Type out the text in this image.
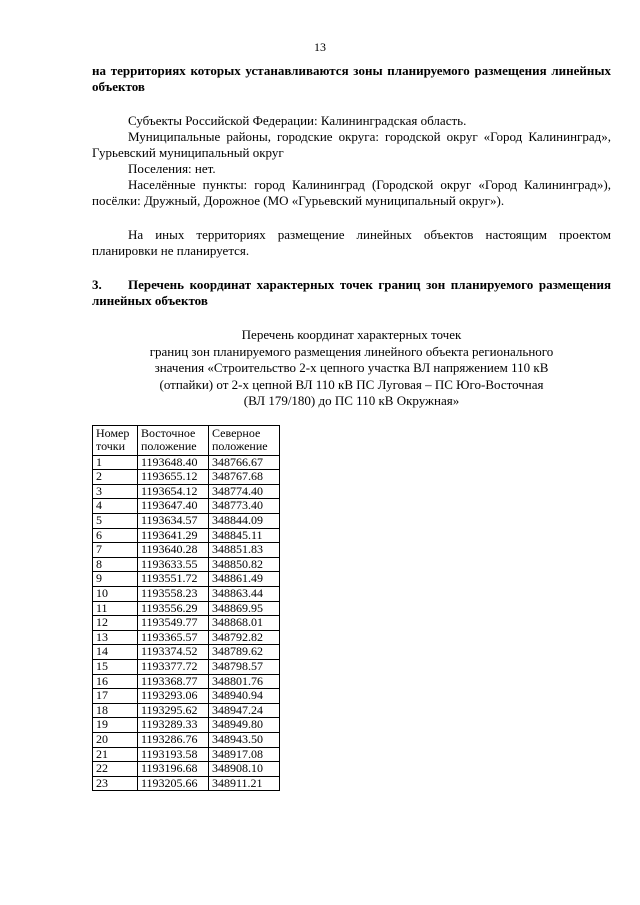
13

на территориях которых устанавливаются зоны планируемого размещения линейных объектов

Субъекты Российской Федерации: Калининградская область.

Муниципальные районы, городские округа: городской округ «Город Калининград», Гурьевский муниципальный округ

Поселения: нет.

Населённые пункты: город Калининград (Городской округ «Город Калининград»), посёлки: Дружный, Дорожное (МО «Гурьевский муниципальный округ»).

На иных территориях размещение линейных объектов настоящим проектом планировки не планируется.

3. Перечень координат характерных точек границ зон планируемого размещения линейных объектов

Перечень координат характерных точек
границ зон планируемого размещения линейного объекта регионального
значения «Строительство 2-х цепного участка ВЛ напряжением 110 кВ
(отпайки) от 2-х цепной ВЛ 110 кВ ПС Луговая – ПС Юго-Восточная
(ВЛ 179/180) до ПС 110 кВ Окружная»
Номер точки	Восточное положение	Северное положение
1	1193648.40	348766.67
2	1193655.12	348767.68
3	1193654.12	348774.40
4	1193647.40	348773.40
5	1193634.57	348844.09
6	1193641.29	348845.11
7	1193640.28	348851.83
8	1193633.55	348850.82
9	1193551.72	348861.49
10	1193558.23	348863.44
11	1193556.29	348869.95
12	1193549.77	348868.01
13	1193365.57	348792.82
14	1193374.52	348789.62
15	1193377.72	348798.57
16	1193368.77	348801.76
17	1193293.06	348940.94
18	1193295.62	348947.24
19	1193289.33	348949.80
20	1193286.76	348943.50
21	1193193.58	348917.08
22	1193196.68	348908.10
23	1193205.66	348911.21
